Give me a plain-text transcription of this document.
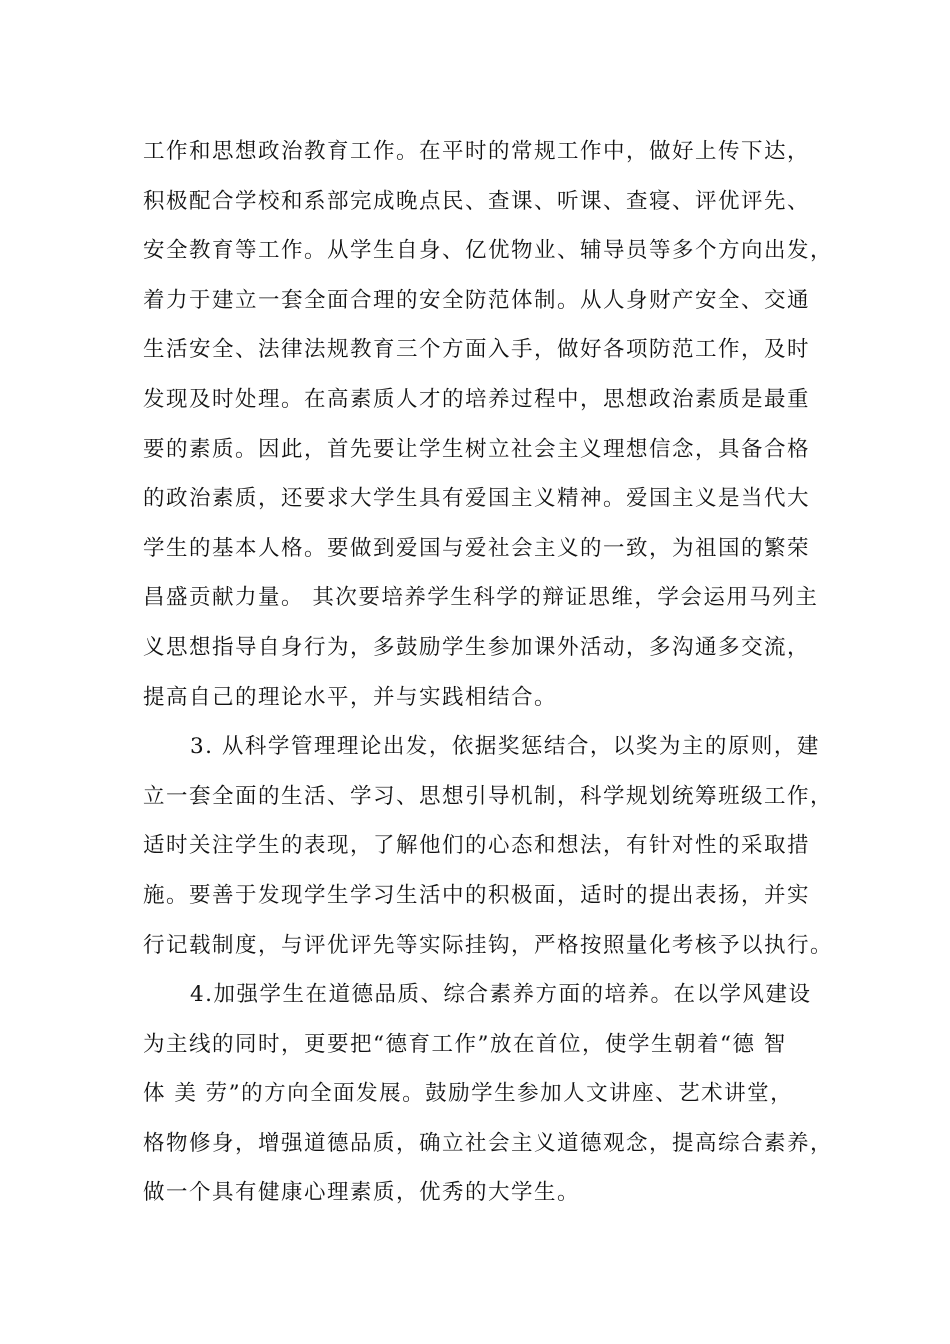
工作和思想政治教育工作。在平时的常规工作中，做好上传下达，
积极配合学校和系部完成晚点民、查课、听课、查寝、评优评先、
安全教育等工作。从学生自身、亿优物业、辅导员等多个方向出发，
着力于建立一套全面合理的安全防范体制。从人身财产安全、交通
生活安全、法律法规教育三个方面入手，做好各项防范工作，及时
发现及时处理。在高素质人才的培养过程中，思想政治素质是最重
要的素质。因此，首先要让学生树立社会主义理想信念，具备合格
的政治素质，还要求大学生具有爱国主义精神。爱国主义是当代大
学生的基本人格。要做到爱国与爱社会主义的一致，为祖国的繁荣
昌盛贡献力量。 其次要培养学生科学的辩证思维，学会运用马列主
义思想指导自身行为，多鼓励学生参加课外活动，多沟通多交流，
提高自己的理论水平，并与实践相结合。
3. 从科学管理理论出发，依据奖惩结合，以奖为主的原则，建
立一套全面的生活、学习、思想引导机制，科学规划统筹班级工作，
适时关注学生的表现，了解他们的心态和想法，有针对性的采取措
施。要善于发现学生学习生活中的积极面，适时的提出表扬，并实
行记载制度，与评优评先等实际挂钩，严格按照量化考核予以执行。
4.加强学生在道德品质、综合素养方面的培养。在以学风建设
为主线的同时，更要把“德育工作”放在首位，使学生朝着“德 智
体 美 劳”的方向全面发展。鼓励学生参加人文讲座、艺术讲堂，
格物修身，增强道德品质，确立社会主义道德观念，提高综合素养，
做一个具有健康心理素质，优秀的大学生。
